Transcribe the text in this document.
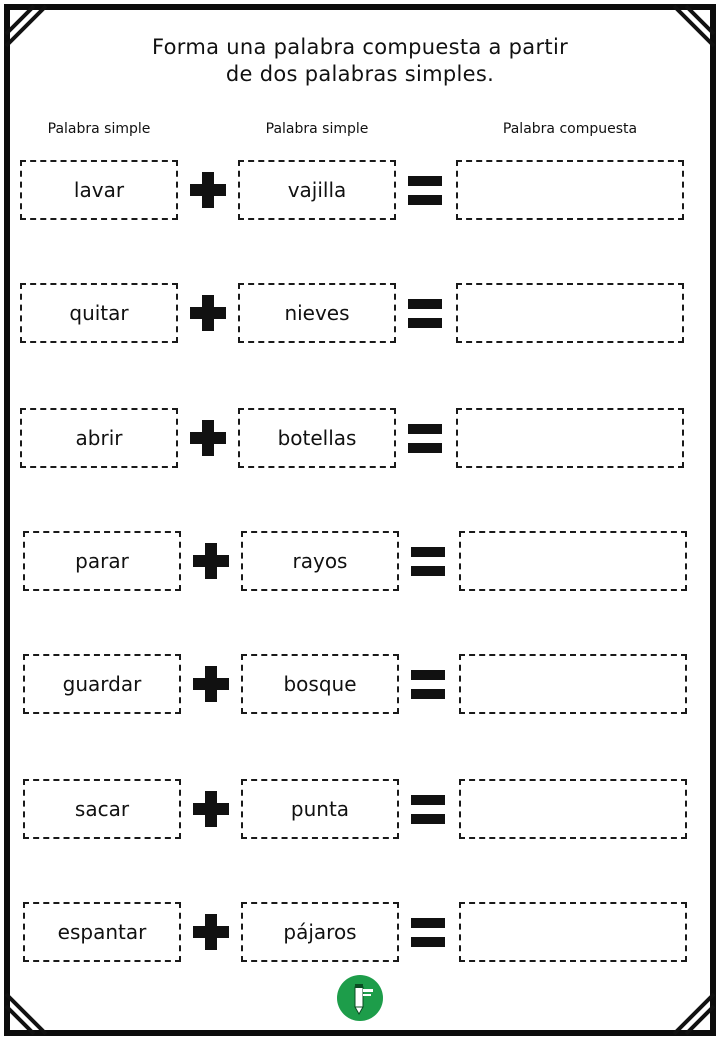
Forma una palabra compuesta a partir
de dos palabras simples.
Palabra simple	Palabra simple	Palabra compuesta
lavar	vajilla
quitar	nieves
abrir	botellas
parar	rayos
guardar	bosque
sacar	punta
espantar	pájaros
